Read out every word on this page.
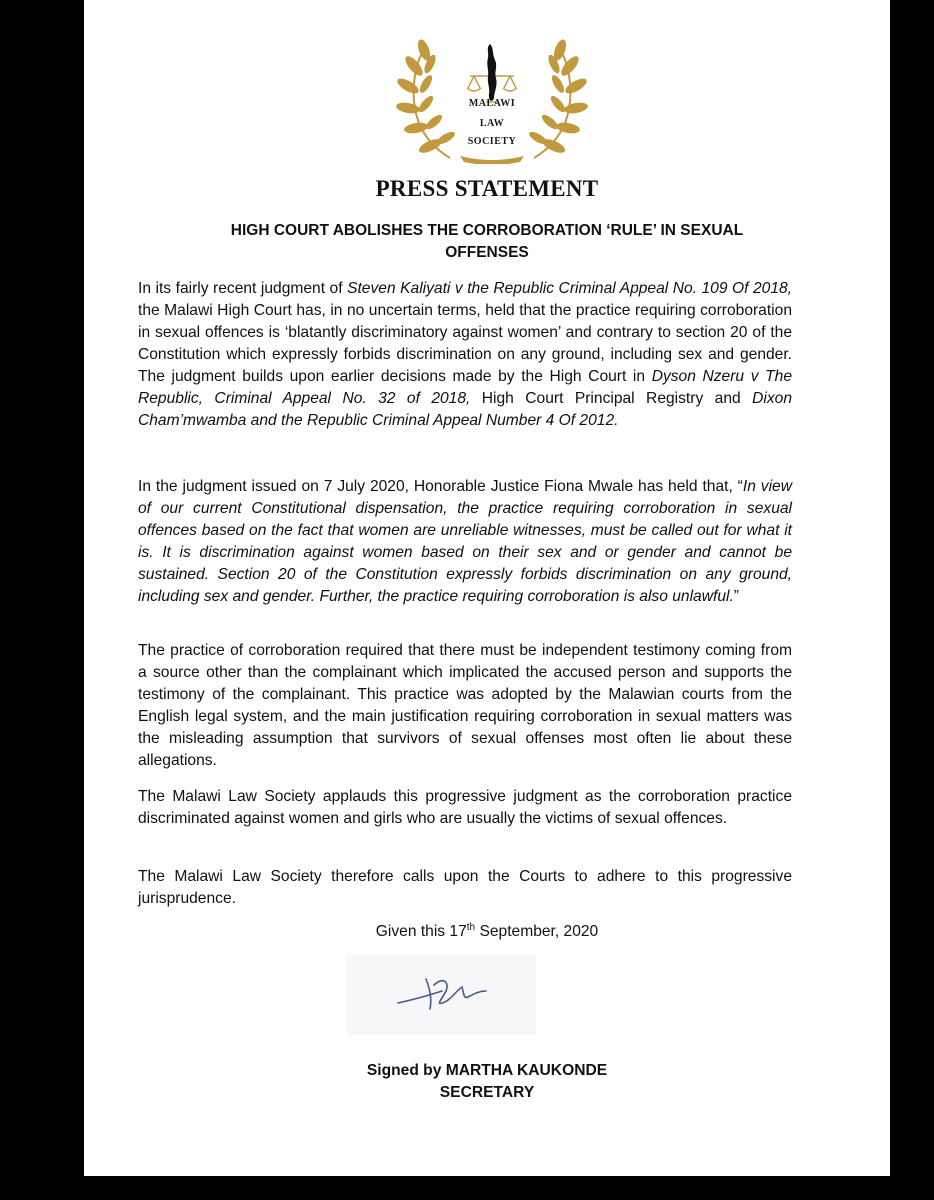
MALAWI
LAW
SOCIETY
PRESS STATEMENT
HIGH COURT ABOLISHES THE CORROBORATION ‘RULE’ IN SEXUAL
OFFENSES

In its fairly recent judgment of Steven Kaliyati v the Republic Criminal Appeal No. 109 Of 2018, the Malawi High Court has, in no uncertain terms, held that the practice requiring corroboration in sexual offences is ‘blatantly discriminatory against women’ and contrary to section 20 of the Constitution which expressly forbids discrimination on any ground, including sex and gender. The judgment builds upon earlier decisions made by the High Court in Dyson Nzeru v The Republic, Criminal Appeal No. 32 of 2018, High Court Principal Registry and Dixon Cham’mwamba and the Republic Criminal Appeal Number 4 Of 2012.

In the judgment issued on 7 July 2020, Honorable Justice Fiona Mwale has held that, “In view of our current Constitutional dispensation, the practice requiring corroboration in sexual offences based on the fact that women are unreliable witnesses, must be called out for what it is. It is discrimination against women based on their sex and or gender and cannot be sustained. Section 20 of the Constitution expressly forbids discrimination on any ground, including sex and gender. Further, the practice requiring corroboration is also unlawful.”

The practice of corroboration required that there must be independent testimony coming from a source other than the complainant which implicated the accused person and supports the testimony of the complainant. This practice was adopted by the Malawian courts from the English legal system, and the main justification requiring corroboration in sexual matters was the misleading assumption that survivors of sexual offenses most often lie about these allegations.

The Malawi Law Society applauds this progressive judgment as the corroboration practice discriminated against women and girls who are usually the victims of sexual offences.

The Malawi Law Society therefore calls upon the Courts to adhere to this progressive jurisprudence.

Given this 17th September, 2020
Signed by MARTHA KAUKONDE
SECRETARY
